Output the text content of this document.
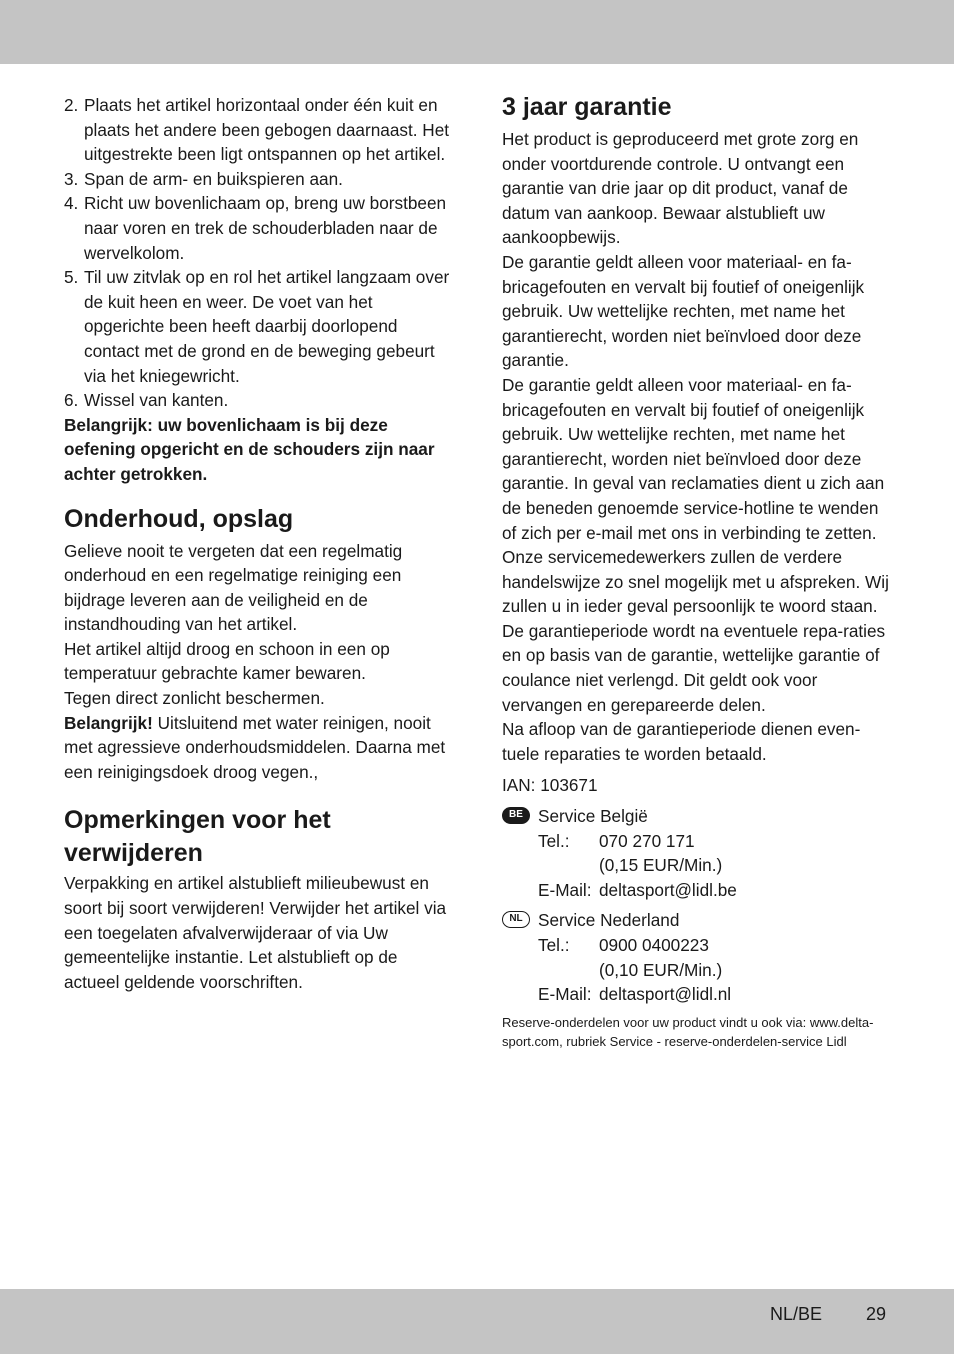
2. Plaats het artikel horizontaal onder één kuit en plaats het andere been gebogen daarnaast. Het uitgestrekte been ligt ontspannen op het artikel.
3. Span de arm- en buikspieren aan.
4. Richt uw bovenlichaam op, breng uw borstbeen naar voren en trek de schouderbladen naar de wervelkolom.
5. Til uw zitvlak op en rol het artikel langzaam over de kuit heen en weer. De voet van het opgerichte been heeft daarbij doorlopend contact met de grond en de beweging gebeurt via het kniegewricht.
6. Wissel van kanten.

Belangrijk: uw bovenlichaam is bij deze oefening opgericht en de schouders zijn naar achter getrokken.

Onderhoud, opslag

Gelieve nooit te vergeten dat een regelmatig onderhoud en een regelmatige reiniging een bijdrage leveren aan de veiligheid en de instandhouding van het artikel.

Het artikel altijd droog en schoon in een op temperatuur gebrachte kamer bewaren.

Tegen direct zonlicht beschermen.

Belangrijk! Uitsluitend met water reinigen, nooit met agressieve onderhoudsmiddelen. Daarna met een reinigingsdoek droog vegen.,

Opmerkingen voor het verwijderen

Verpakking en artikel alstublieft milieubewust en soort bij soort verwijderen! Verwijder het artikel via een toegelaten afvalverwijderaar of via Uw gemeentelijke instantie. Let alstublieft op de actueel geldende voorschriften.

3 jaar garantie

Het product is geproduceerd met grote zorg en onder voortdurende controle. U ontvangt een garantie van drie jaar op dit product, vanaf de datum van aankoop. Bewaar alstublieft uw aankoopbewijs.

De garantie geldt alleen voor materiaal- en fa-bricagefouten en vervalt bij foutief of oneigenlijk gebruik. Uw wettelijke rechten, met name het garantierecht, worden niet beïnvloed door deze garantie.

De garantie geldt alleen voor materiaal- en fa-bricagefouten en vervalt bij foutief of oneigenlijk gebruik. Uw wettelijke rechten, met name het garantierecht, worden niet beïnvloed door deze garantie. In geval van reclamaties dient u zich aan de beneden genoemde service-hotline te wenden of zich per e-mail met ons in verbinding te zetten. Onze servicemedewerkers zullen de verdere handelswijze zo snel mogelijk met u afspreken. Wij zullen u in ieder geval persoonlijk te woord staan.

De garantieperiode wordt na eventuele repa-raties en op basis van de garantie, wettelijke garantie of coulance niet verlengd. Dit geldt ook voor vervangen en gerepareerde delen.

Na afloop van de garantieperiode dienen even-tuele reparaties te worden betaald.

IAN: 103671

BE Service België
Tel.:	070 270 171
(0,15 EUR/Min.)
E-Mail: deltasport@lidl.be
NL Service Nederland
Tel.:	0900 0400223
(0,10 EUR/Min.)
E-Mail: deltasport@lidl.nl

Reserve-onderdelen voor uw product vindt u ook via: www.delta-sport.com, rubriek Service - reserve-onderdelen-service Lidl

NL/BE 29
